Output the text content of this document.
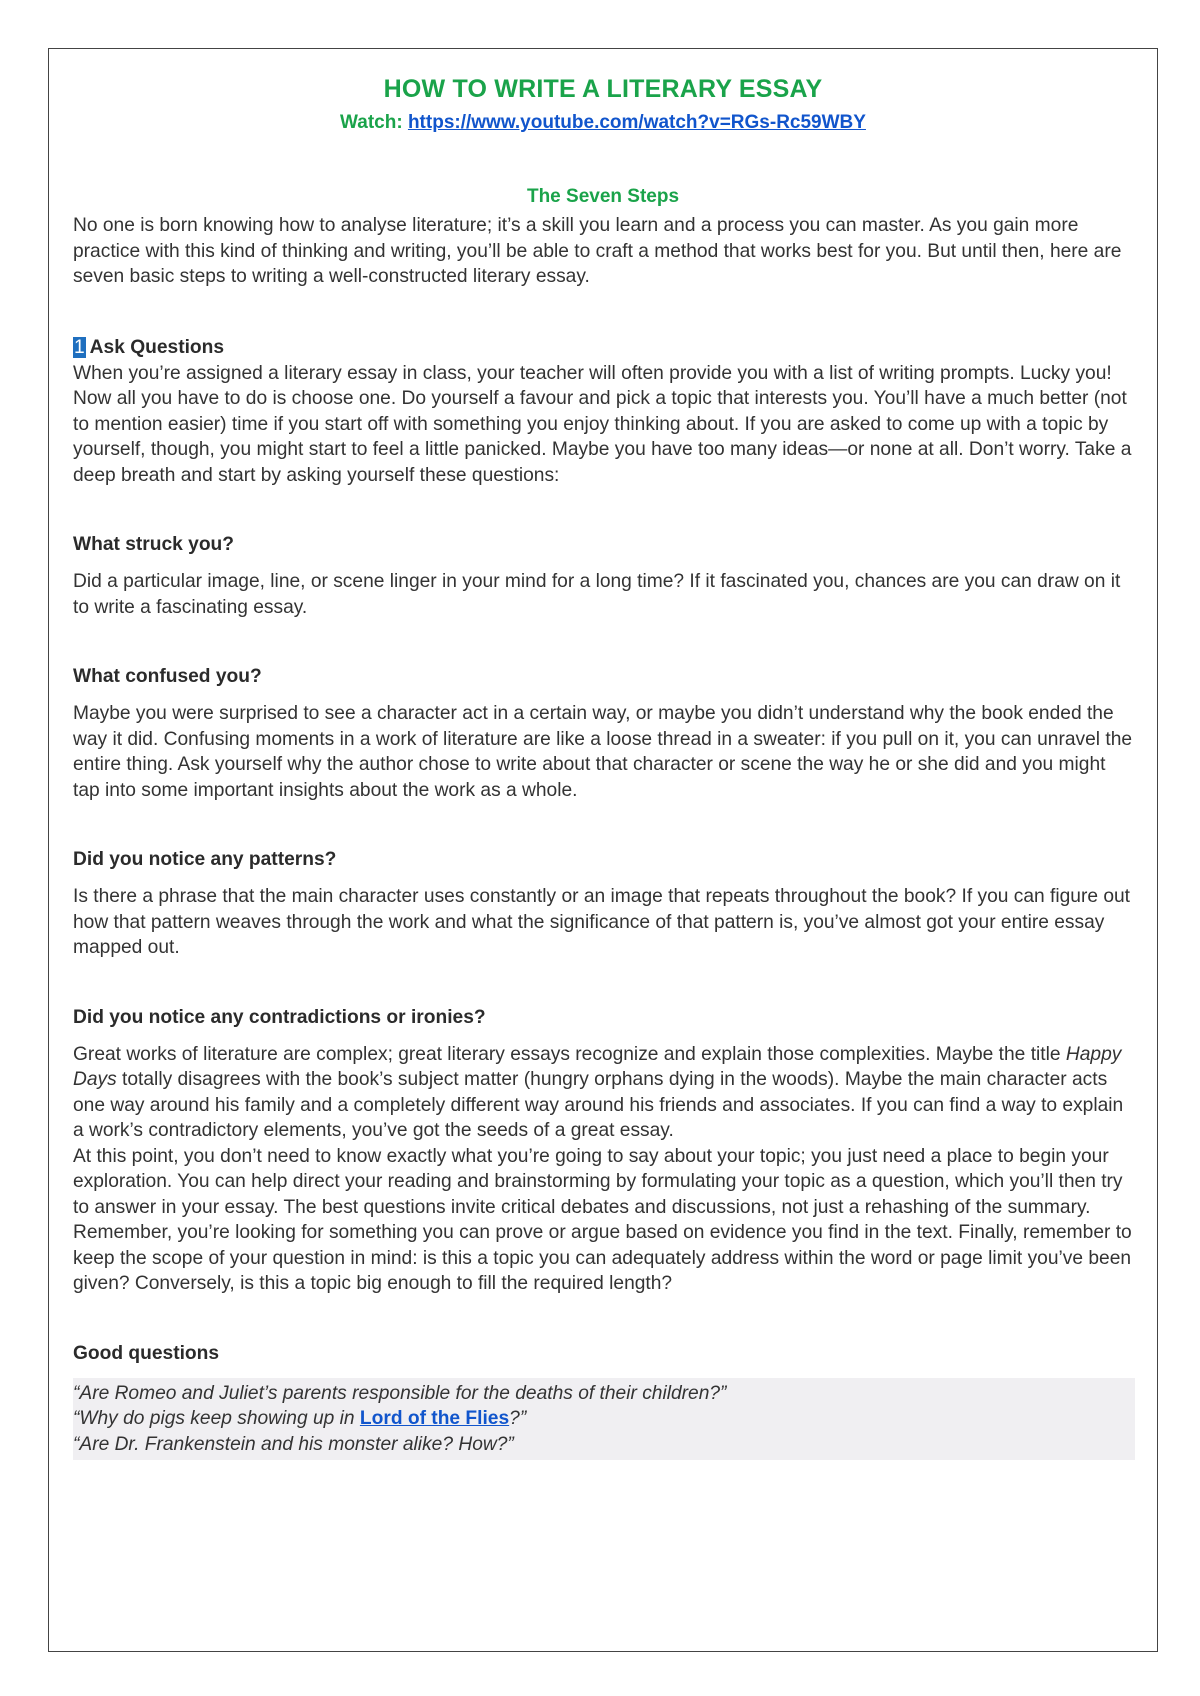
HOW TO WRITE A LITERARY ESSAY
Watch: https://www.youtube.com/watch?v=RGs-Rc59WBY
The Seven Steps

No one is born knowing how to analyse literature; it’s a skill you learn and a process you can master. As you gain more practice with this kind of thinking and writing, you’ll be able to craft a method that works best for you. But until then, here are seven basic steps to writing a well-constructed literary essay.

1 Ask Questions

When you’re assigned a literary essay in class, your teacher will often provide you with a list of writing prompts. Lucky you! Now all you have to do is choose one. Do yourself a favour and pick a topic that interests you. You’ll have a much better (not to mention easier) time if you start off with something you enjoy thinking about. If you are asked to come up with a topic by yourself, though, you might start to feel a little panicked. Maybe you have too many ideas—or none at all. Don’t worry. Take a deep breath and start by asking yourself these questions:

What struck you?

Did a particular image, line, or scene linger in your mind for a long time? If it fascinated you, chances are you can draw on it to write a fascinating essay.

What confused you?

Maybe you were surprised to see a character act in a certain way, or maybe you didn’t understand why the book ended the way it did. Confusing moments in a work of literature are like a loose thread in a sweater: if you pull on it, you can unravel the entire thing. Ask yourself why the author chose to write about that character or scene the way he or she did and you might tap into some important insights about the work as a whole.

Did you notice any patterns?

Is there a phrase that the main character uses constantly or an image that repeats throughout the book? If you can figure out how that pattern weaves through the work and what the significance of that pattern is, you’ve almost got your entire essay mapped out.

Did you notice any contradictions or ironies?

Great works of literature are complex; great literary essays recognize and explain those complexities. Maybe the title Happy Days totally disagrees with the book’s subject matter (hungry orphans dying in the woods). Maybe the main character acts one way around his family and a completely different way around his friends and associates. If you can find a way to explain a work’s contradictory elements, you’ve got the seeds of a great essay.

At this point, you don’t need to know exactly what you’re going to say about your topic; you just need a place to begin your exploration. You can help direct your reading and brainstorming by formulating your topic as a question, which you’ll then try to answer in your essay. The best questions invite critical debates and discussions, not just a rehashing of the summary. Remember, you’re looking for something you can prove or argue based on evidence you find in the text. Finally, remember to keep the scope of your question in mind: is this a topic you can adequately address within the word or page limit you’ve been given? Conversely, is this a topic big enough to fill the required length?

Good questions

“Are Romeo and Juliet’s parents responsible for the deaths of their children?”

“Why do pigs keep showing up in Lord of the Flies?”

“Are Dr. Frankenstein and his monster alike? How?”
